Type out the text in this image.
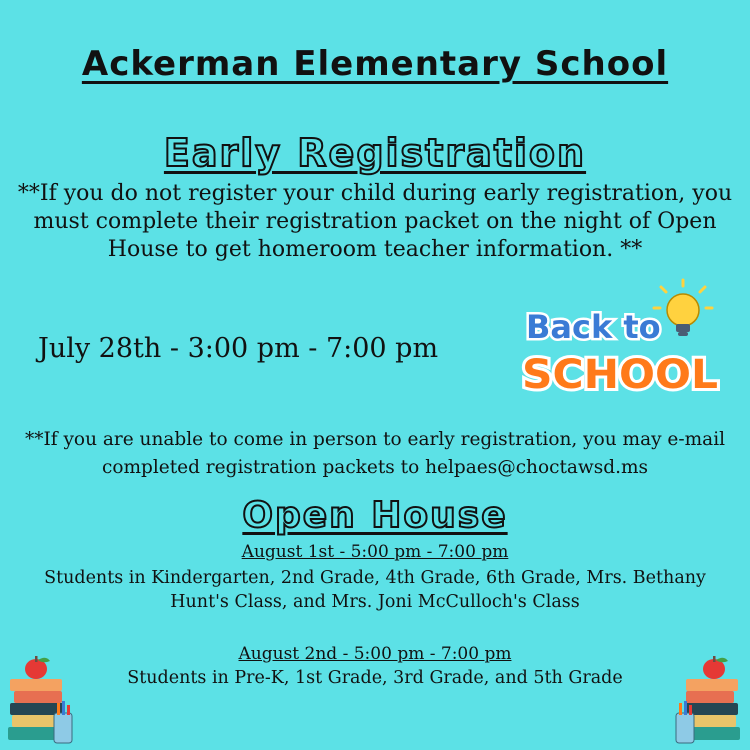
Ackerman Elementary School
Early Registration
**If you do not register your child during early registration, you must complete their registration packet on the night of Open House to get homeroom teacher information. **
July 28th - 3:00 pm - 7:00 pm
Back to
SCHOOL
**If you are unable to come in person to early registration, you may e-mail completed registration packets to helpaes@choctawsd.ms
Open House
August 1st - 5:00 pm - 7:00 pm
Students in Kindergarten, 2nd Grade, 4th Grade, 6th Grade, Mrs. Bethany Hunt's Class, and Mrs. Joni McCulloch's Class
August 2nd - 5:00 pm - 7:00 pm
Students in Pre-K, 1st Grade, 3rd Grade, and 5th Grade
